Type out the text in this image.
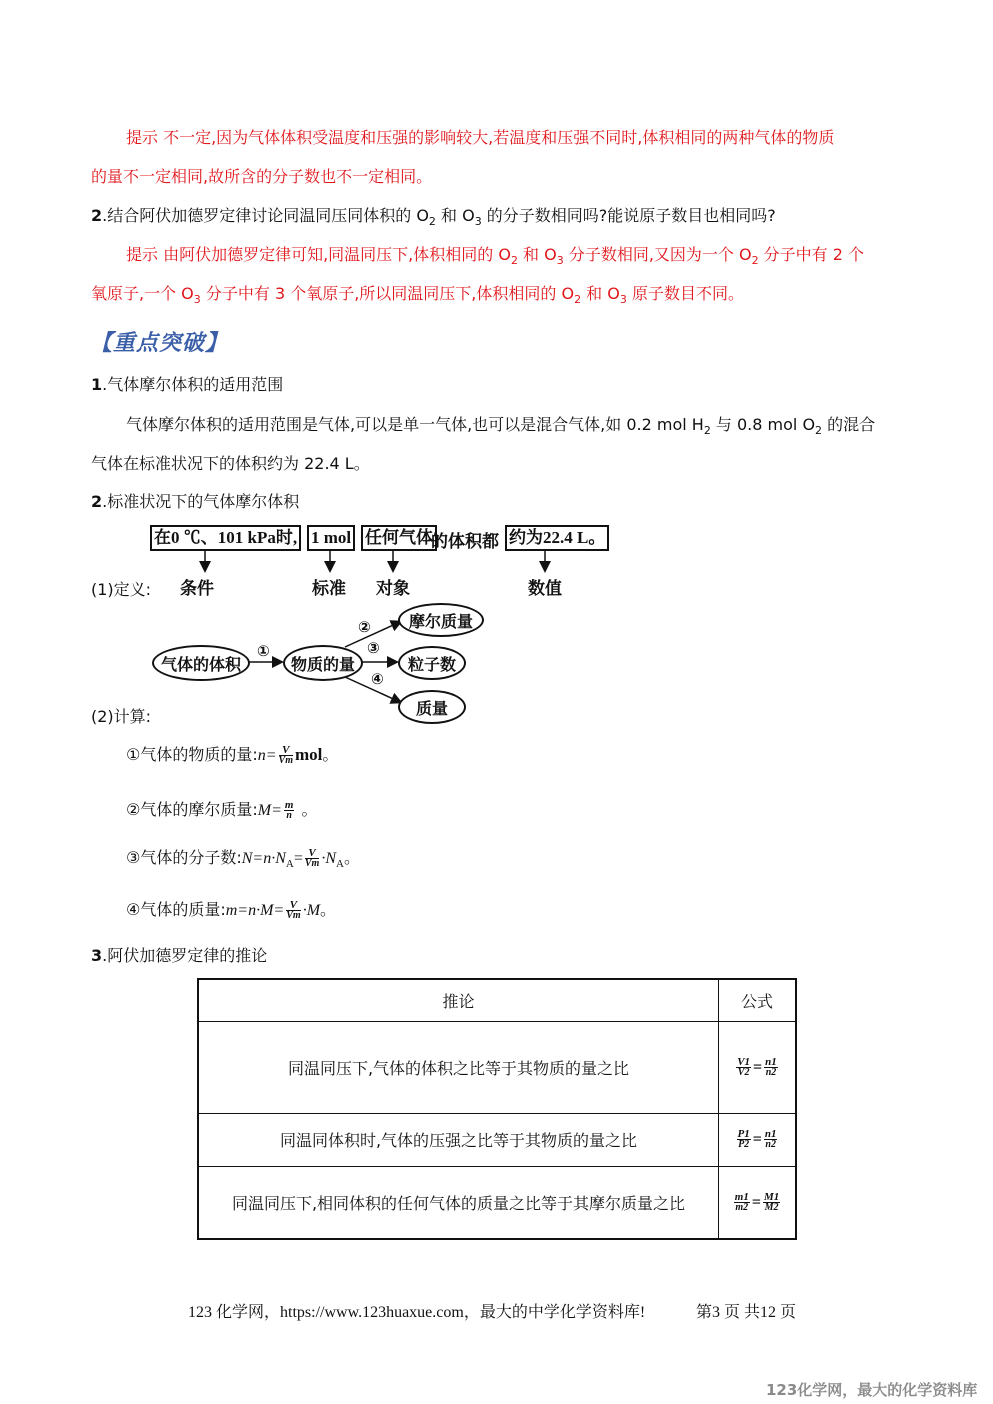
提示 不一定,因为气体体积受温度和压强的影响较大,若温度和压强不同时,体积相同的两种气体的物质
的量不一定相同,故所含的分子数也不一定相同。
2.结合阿伏加德罗定律讨论同温同压同体积的 $O_2$ 和 $O_3$ 的分子数相同吗?能说原子数目也相同吗?
提示 由阿伏加德罗定律可知,同温同压下,体积相同的 $O_2$ 和 $O_3$ 分子数相同,又因为一个 $O_2$ 分子中有 2 个
氧原子,一个 $O_3$ 分子中有 3 个氧原子,所以同温同压下,体积相同的 $O_2$ 和 $O_3$ 原子数目不同。
【重点突破】
1.气体摩尔体积的适用范围
气体摩尔体积的适用范围是气体,可以是单一气体,也可以是混合气体,如 0.2 mol $H_2$ 与 0.8 mol $O_2$ 的混合
气体在标准状况下的体积约为 22.4 L。
2.标准状况下的气体摩尔体积
在0 ℃、101 kPa时, 1 mol 任何气体
的体积都 约为22.4 L。
条件	标准 对象	数值
(1)定义:
气体的体积	物质的量
摩尔质量
粒子数
质量
①
②
③
④
(2)计算:
①气体的物质的量:n= $\frac{V}{Vm}$ mol。
②气体的摩尔质量:M= $\frac{m}{n}$ 。
③气体的分子数$:N=n\cdot N_A= \frac{V}{Vm} \cdot N_A$。
④气体的质量:m=n·M= $\frac{V}{Vm} \cdot M$。
3.阿伏加德罗定律的推论
推论	公式
同温同压下,气体的体积之比等于其物质的量之比	$\frac{V1}{V2} = \frac{n1}{n2}$

同温同体积时,气体的压强之比等于其物质的量之比	$\frac{P1}{P2} = \frac{n1}{n2}$

同温同压下,相同体积的任何气体的质量之比等于其摩尔质量之比	$\frac{m1}{m2} = \frac{M1}{M2}$
123 化学网，https://www.123huaxue.com，最大的中学化学资料库!	第3 页 共12 页
123化学网，最大的化学资料库
